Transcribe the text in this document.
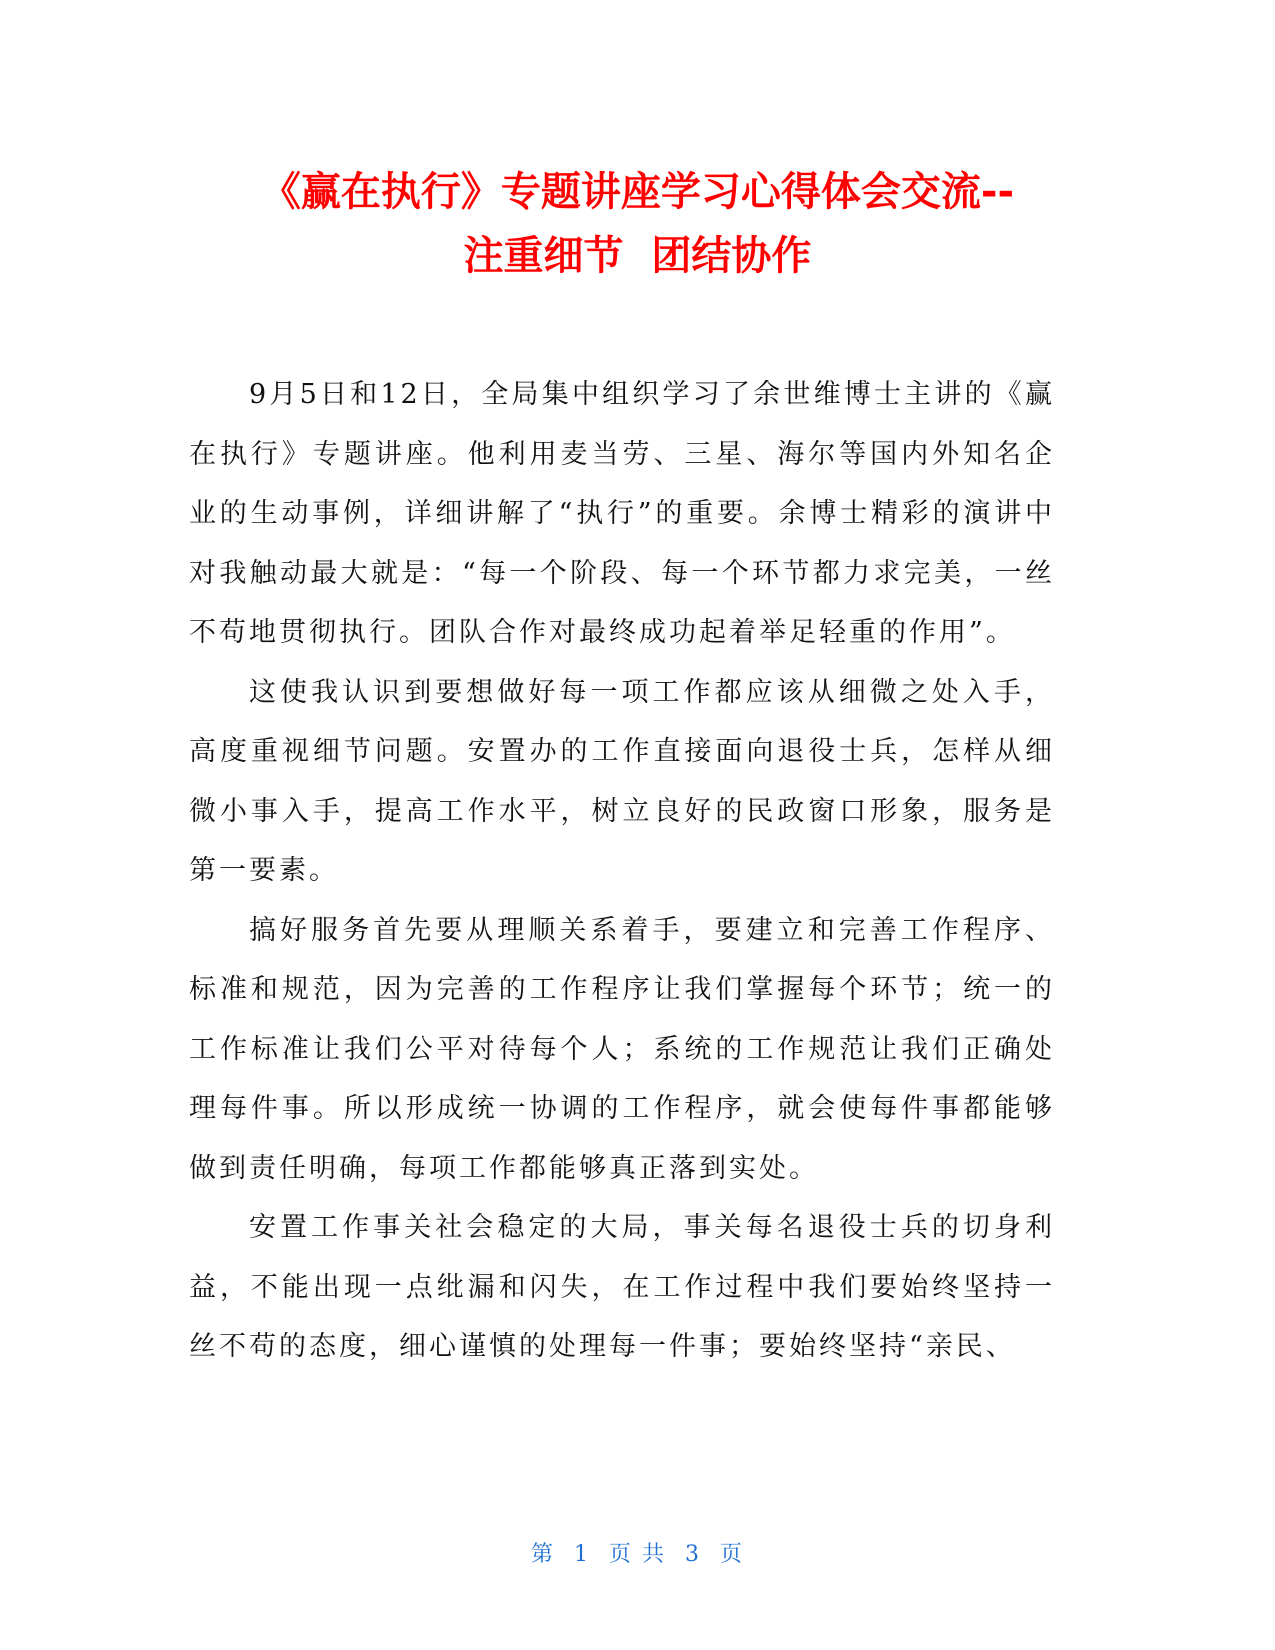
《赢在执行》专题讲座学习心得体会交流--
注重细节  团结协作

9月5日和12日，全局集中组织学习了余世维博士主讲的《赢在执行》专题讲座。他利用麦当劳、三星、海尔等国内外知名企业的生动事例，详细讲解了“执行”的重要。余博士精彩的演讲中对我触动最大就是：“每一个阶段、每一个环节都力求完美，一丝不苟地贯彻执行。团队合作对最终成功起着举足轻重的作用”。

这使我认识到要想做好每一项工作都应该从细微之处入手，高度重视细节问题。安置办的工作直接面向退役士兵，怎样从细微小事入手，提高工作水平，树立良好的民政窗口形象，服务是第一要素。

搞好服务首先要从理顺关系着手，要建立和完善工作程序、标准和规范，因为完善的工作程序让我们掌握每个环节；统一的工作标准让我们公平对待每个人；系统的工作规范让我们正确处理每件事。所以形成统一协调的工作程序，就会使每件事都能够做到责任明确，每项工作都能够真正落到实处。

安置工作事关社会稳定的大局，事关每名退役士兵的切身利益，不能出现一点纰漏和闪失，在工作过程中我们要始终坚持一丝不苟的态度，细心谨慎的处理每一件事；要始终坚持“亲民、

第 1 页 共 3 页
